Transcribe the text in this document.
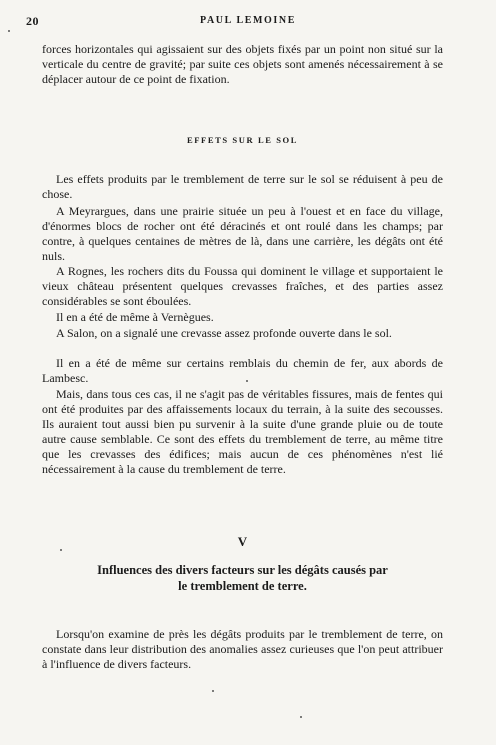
20	PAUL LEMOINE

forces horizontales qui agissaient sur des objets fixés par un point non situé sur la verticale du centre de gravité; par suite ces objets sont amenés nécessairement à se déplacer autour de ce point de fixation.

EFFETS SUR LE SOL

Les effets produits par le tremblement de terre sur le sol se réduisent à peu de chose.

A Meyrargues, dans une prairie située un peu à l'ouest et en face du village, d'énormes blocs de rocher ont été déracinés et ont roulé dans les champs; par contre, à quelques centaines de mètres de là, dans une carrière, les dégâts ont été nuls.

A Rognes, les rochers dits du Foussa qui dominent le village et supportaient le vieux château présentent quelques crevasses fraîches, et des parties assez considérables se sont éboulées.

Il en a été de même à Vernègues.

A Salon, on a signalé une crevasse assez profonde ouverte dans le sol.

Il en a été de même sur certains remblais du chemin de fer, aux abords de Lambesc.

Mais, dans tous ces cas, il ne s'agit pas de véritables fissures, mais de fentes qui ont été produites par des affaissements locaux du terrain, à la suite des secousses. Ils auraient tout aussi bien pu survenir à la suite d'une grande pluie ou de toute autre cause semblable. Ce sont des effets du tremblement de terre, au même titre que les crevasses des édifices; mais aucun de ces phénomènes n'est lié nécessairement à la cause du tremblement de terre.

V
Influences des divers facteurs sur les dégâts causés par
le tremblement de terre.

Lorsqu'on examine de près les dégâts produits par le tremblement de terre, on constate dans leur distribution des anomalies assez curieuses que l'on peut attribuer à l'influence de divers facteurs.
